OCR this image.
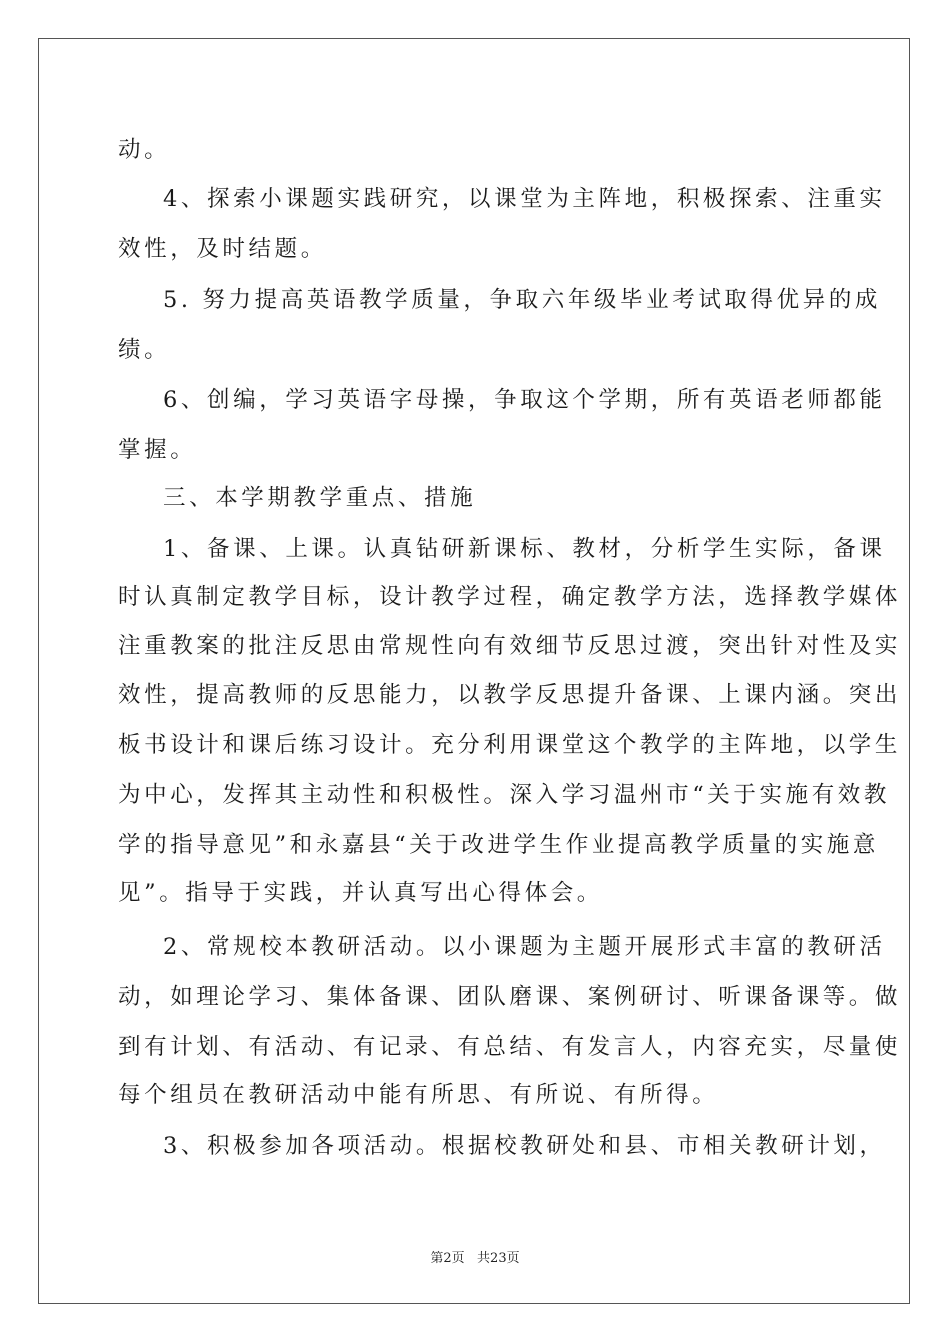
动。
4、探索小课题实践研究，以课堂为主阵地，积极探索、注重实
效性，及时结题。
5. 努力提高英语教学质量，争取六年级毕业考试取得优异的成
绩。
6、创编，学习英语字母操，争取这个学期，所有英语老师都能
掌握。
三、本学期教学重点、措施
1、备课、上课。认真钻研新课标、教材，分析学生实际，备课
时认真制定教学目标，设计教学过程，确定教学方法，选择教学媒体
注重教案的批注反思由常规性向有效细节反思过渡，突出针对性及实
效性，提高教师的反思能力，以教学反思提升备课、上课内涵。突出
板书设计和课后练习设计。充分利用课堂这个教学的主阵地，以学生
为中心，发挥其主动性和积极性。深入学习温州市“关于实施有效教
学的指导意见”和永嘉县“关于改进学生作业提高教学质量的实施意
见”。指导于实践，并认真写出心得体会。
2、常规校本教研活动。以小课题为主题开展形式丰富的教研活
动，如理论学习、集体备课、团队磨课、案例研讨、听课备课等。做
到有计划、有活动、有记录、有总结、有发言人，内容充实，尽量使
每个组员在教研活动中能有所思、有所说、有所得。
3、积极参加各项活动。根据校教研处和县、市相关教研计划，
第2页   共23页
